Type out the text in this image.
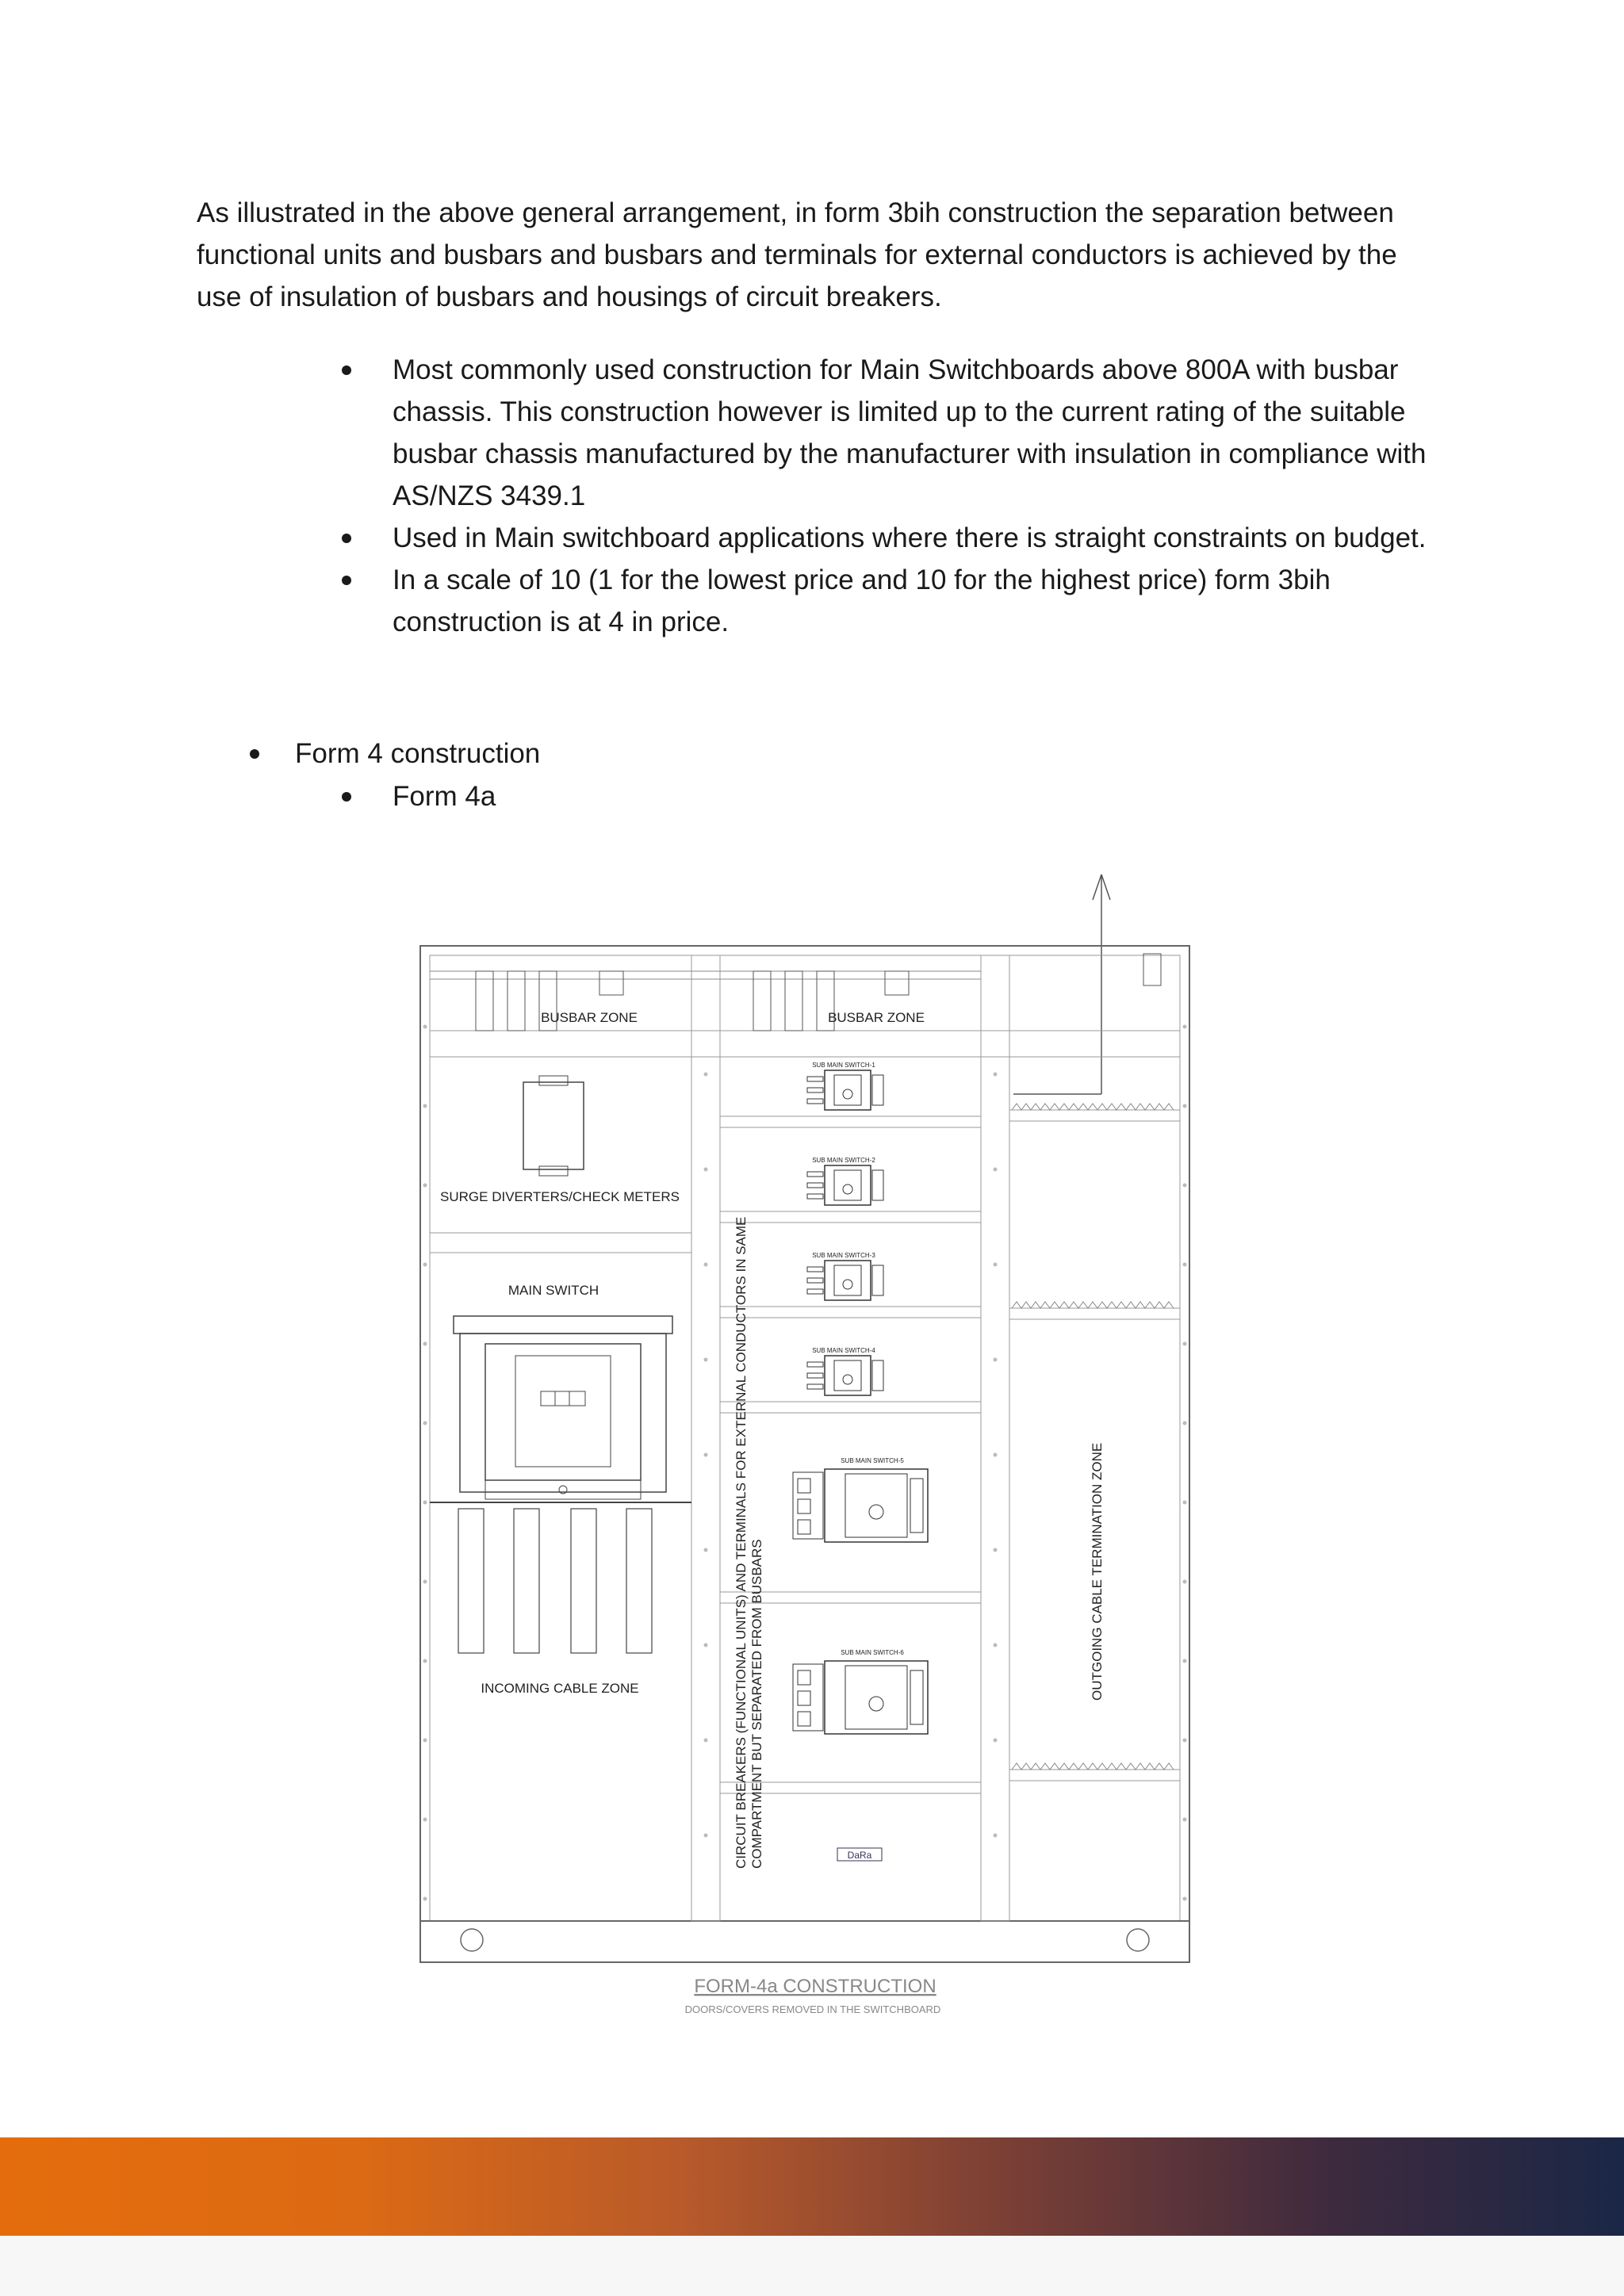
As illustrated in the above general arrangement, in form 3bih construction the separation between functional units and busbars and busbars and terminals for external conductors is achieved by the use of insulation of busbars and housings of circuit breakers.

Most commonly used construction for Main Switchboards above 800A with busbar chassis. This construction however is limited up to the current rating of the suitable busbar chassis manufactured by the manufacturer with insulation in compliance with AS/NZS 3439.1
Used in Main switchboard applications where there is straight constraints on budget.
In a scale of 10 (1 for the lowest price and 10 for the highest price) form 3bih construction is at 4 in price.
Form 4 construction
Form 4a
BUSBAR ZONE	BUSBAR ZONE
SURGE DIVERTERS/CHECK METERS
MAIN SWITCH
INCOMING CABLE ZONE
SUB MAIN SWITCH-1
SUB MAIN SWITCH-2
SUB MAIN SWITCH-3
SUB MAIN SWITCH-4
SUB MAIN SWITCH-5
SUB MAIN SWITCH-6
CIRCUIT BREAKERS (FUNCTIONAL UNITS) AND TERMINALS FOR EXTERNAL CONDUCTORS IN SAME COMPARTMENT BUT SEPARATED FROM BUSBARS	DaRa
OUTGOING CABLE TERMINATION ZONE
FORM-4a CONSTRUCTION
DOORS/COVERS REMOVED IN THE SWITCHBOARD
